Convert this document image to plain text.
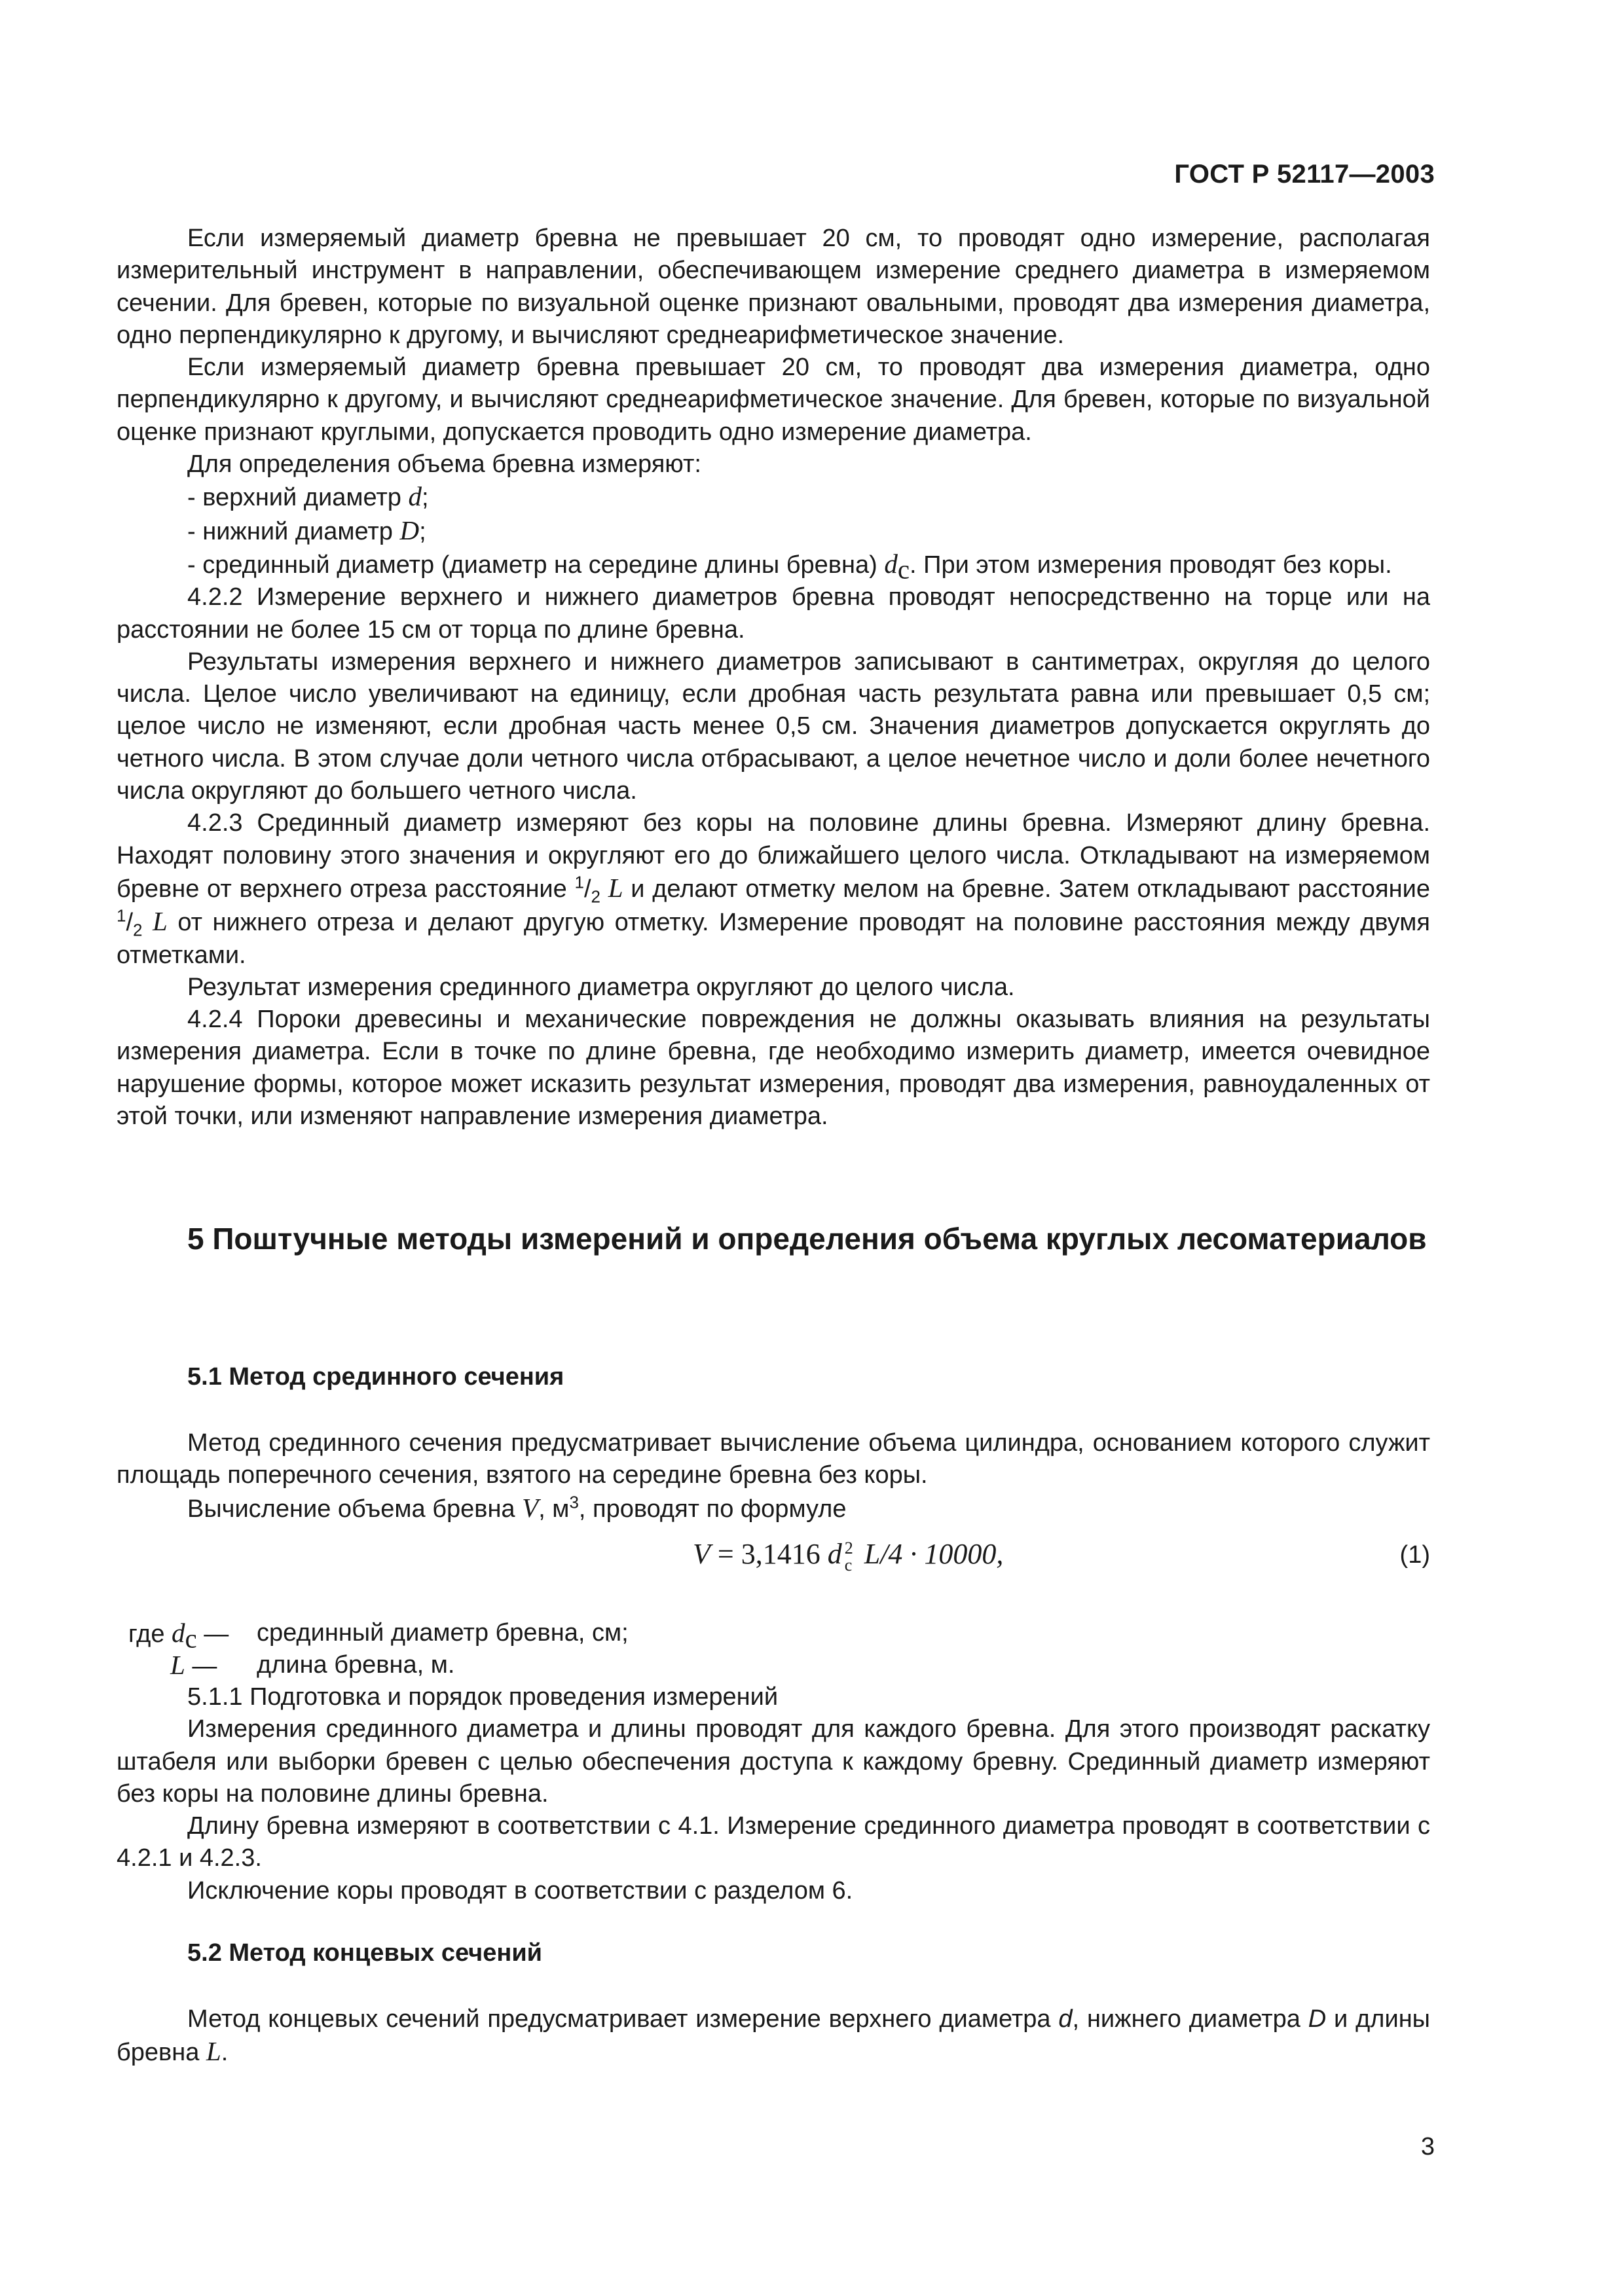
ГОСТ Р 52117—2003

Если измеряемый диаметр бревна не превышает 20 см, то проводят одно измерение, располагая измерительный инструмент в направлении, обеспечивающем измерение среднего диаметра в измеряемом сечении. Для бревен, которые по визуальной оценке признают овальными, проводят два измерения диаметра, одно перпендикулярно к другому, и вычисляют среднеарифметическое значение.

Если измеряемый диаметр бревна превышает 20 см, то проводят два измерения диаметра, одно перпендикулярно к другому, и вычисляют среднеарифметическое значение. Для бревен, которые по визуальной оценке признают круглыми, допускается проводить одно измерение диаметра.

Для определения объема бревна измеряют:

- верхний диаметр d;

- нижний диаметр D;

- срединный диаметр (диаметр на середине длины бревна) $d_с$. При этом измерения проводят без коры.

4.2.2 Измерение верхнего и нижнего диаметров бревна проводят непосредственно на торце или на расстоянии не более 15 см от торца по длине бревна.

Результаты измерения верхнего и нижнего диаметров записывают в сантиметрах, округляя до целого числа. Целое число увеличивают на единицу, если дробная часть результата равна или превышает 0,5 см; целое число не изменяют, если дробная часть менее 0,5 см. Значения диаметров допускается округлять до четного числа. В этом случае доли четного числа отбрасывают, а целое нечетное число и доли более нечетного числа округляют до большего четного числа.

4.2.3 Срединный диаметр измеряют без коры на половине длины бревна. Измеряют длину бревна. Находят половину этого значения и округляют его до ближайшего целого числа. Откладывают на измеряемом бревне от верхнего отреза расстояние $^1/_2$ L и делают отметку мелом на бревне. Затем откладывают расстояние $^1/_2$ L от нижнего отреза и делают другую отметку. Измерение проводят на половине расстояния между двумя отметками.

Результат измерения срединного диаметра округляют до целого числа.

4.2.4 Пороки древесины и механические повреждения не должны оказывать влияния на результаты измерения диаметра. Если в точке по длине бревна, где необходимо измерить диаметр, имеется очевидное нарушение формы, которое может исказить результат измерения, проводят два измерения, равноудаленных от этой точки, или изменяют направление измерения диаметра.

5 Поштучные методы измерений и определения объема круглых лесоматериалов
5.1 Метод срединного сечения

Метод срединного сечения предусматривает вычисление объема цилиндра, основанием которого служит площадь поперечного сечения, взятого на середине бревна без коры.

Вычисление объема бревна V, $м^3$, проводят по формуле

V = 3,1416 d 2
с L/4 · 10000,	(1)
где $d_с$ —	срединный диаметр бревна, см;
L —	длина бревна, м.

5.1.1 Подготовка и порядок проведения измерений

Измерения срединного диаметра и длины проводят для каждого бревна. Для этого производят раскатку штабеля или выборки бревен с целью обеспечения доступа к каждому бревну. Срединный диаметр измеряют без коры на половине длины бревна.

Длину бревна измеряют в соответствии с 4.1. Измерение срединного диаметра проводят в соответствии с 4.2.1 и 4.2.3.

Исключение коры проводят в соответствии с разделом 6.

5.2 Метод концевых сечений

Метод концевых сечений предусматривает измерение верхнего диаметра d, нижнего диаметра D и длины бревна L.

3
